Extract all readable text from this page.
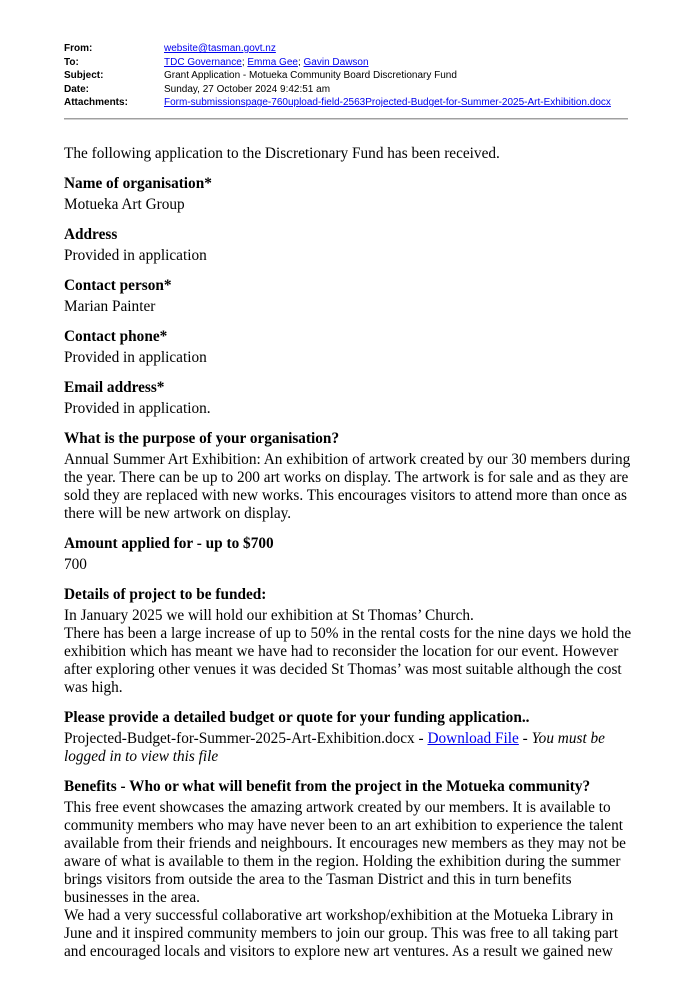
From:	website@tasman.govt.nz
To:	TDC Governance; Emma Gee; Gavin Dawson
Subject:	Grant Application - Motueka Community Board Discretionary Fund
Date:	Sunday, 27 October 2024 9:42:51 am
Attachments:	Form-submissionspage-760upload-field-2563Projected-Budget-for-Summer-2025-Art-Exhibition.docx

The following application to the Discretionary Fund has been received.

Name of organisation*
Motueka Art Group
Address
Provided in application
Contact person*
Marian Painter
Contact phone*
Provided in application
Email address*
Provided in application.
What is the purpose of your organisation?
Annual Summer Art Exhibition: An exhibition of artwork created by our 30 members during the year. There can be up to 200 art works on display. The artwork is for sale and as they are sold they are replaced with new works. This encourages visitors to attend more than once as there will be new artwork on display.
Amount applied for - up to $700
700
Details of project to be funded:

In January 2025 we will hold our exhibition at St Thomas’ Church.

There has been a large increase of up to 50% in the rental costs for the nine days we hold the exhibition which has meant we have had to reconsider the location for our event. However after exploring other venues it was decided St Thomas’ was most suitable although the cost was high.

Please provide a detailed budget or quote for your funding application..
Projected-Budget-for-Summer-2025-Art-Exhibition.docx - Download File - You must be logged in to view this file
Benefits - Who or what will benefit from the project in the Motueka community?

This free event showcases the amazing artwork created by our members. It is available to community members who may have never been to an art exhibition to experience the talent available from their friends and neighbours. It encourages new members as they may not be aware of what is available to them in the region. Holding the exhibition during the summer brings visitors from outside the area to the Tasman District and this in turn benefits businesses in the area.

We had a very successful collaborative art workshop/exhibition at the Motueka Library in June and it inspired community members to join our group. This was free to all taking part and encouraged locals and visitors to explore new art ventures. As a result we gained new
